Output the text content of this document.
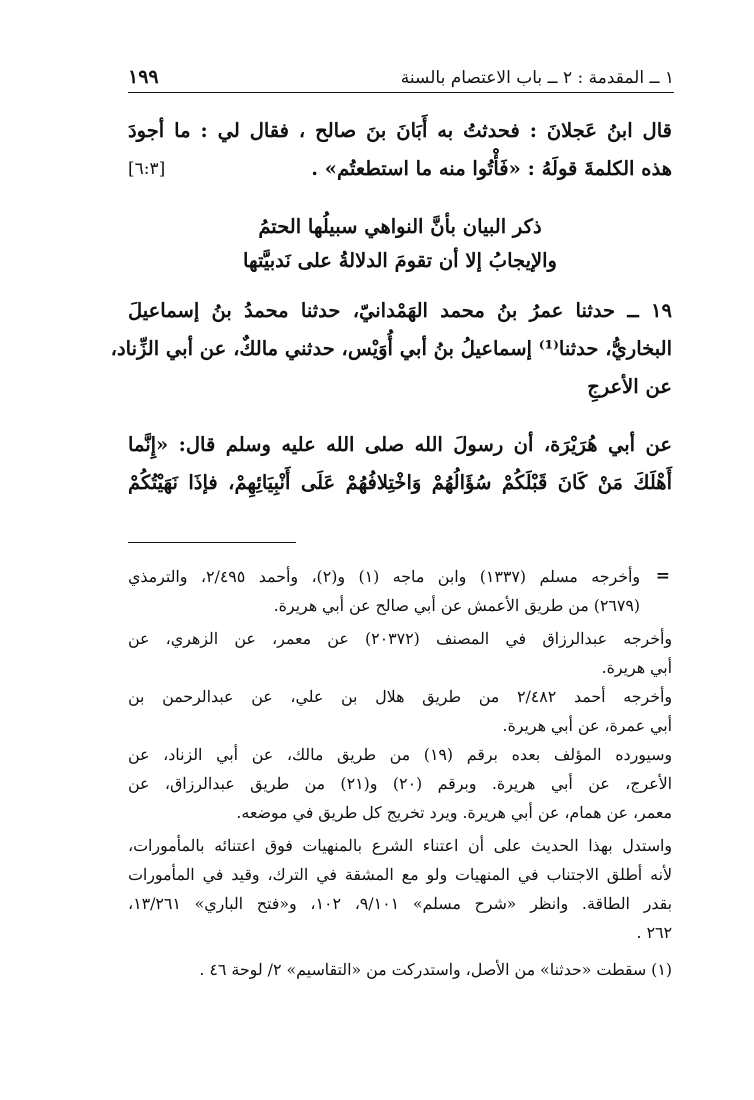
١ ــ المقدمة : ٢ ــ باب الاعتصام بالسنة
١٩٩
قال ابنُ عَجلانَ : فحدثتُ به أَبَانَ بنَ صالح ، فقال لي : ما أجودَ
هذه الكلمةَ قولَهُ : «فَأْتُوا منه ما استطعتُم» .
[٦:٣]
ذكر البيان بأنَّ النواهي سبيلُها الحتمُ
والإيجابُ إلا أن تقومَ الدلالةُ على نَدبيَّتها
١٩ ــ حدثنا عمرُ بنُ محمد الهَمْدانيّ، حدثنا محمدُ بنُ إسماعيلَ
البخاريُّ، حدثنا⁽¹⁾ إسماعيلُ بنُ أبي أُوَيْس، حدثني مالكٌ، عن أبي الزِّناد،
عن الأعرجِ
عن أبي هُرَيْرَة، أن رسولَ الله صلى الله عليه وسلم قال: «إِنَّما
أَهْلَكَ مَنْ كَانَ قَبْلَكُمْ سُؤَالُهُمْ وَاخْتِلافُهُمْ عَلَى أَنْبِيَائِهِمْ، فإذَا نَهَيْتُكُمْ
=
وأخرجه مسلم (١٣٣٧) وابن ماجه (١) و(٢)، وأحمد ٢/٤٩٥، والترمذي
(٢٦٧٩) من طريق الأعمش عن أبي صالح عن أبي هريرة.
وأخرجه عبدالرزاق في المصنف (٢٠٣٧٢) عن معمر، عن الزهري، عن
أبي هريرة.
وأخرجه أحمد ٢/٤٨٢ من طريق هلال بن علي، عن عبدالرحمن بن
أبي عمرة، عن أبي هريرة.
وسيورده المؤلف بعده برقم (١٩) من طريق مالك، عن أبي الزناد، عن
الأعرج، عن أبي هريرة. وبرقم (٢٠) و(٢١) من طريق عبدالرزاق، عن
معمر، عن همام، عن أبي هريرة. ويرد تخريج كل طريق في موضعه.
واستدل بهذا الحديث على أن اعتناء الشرع بالمنهيات فوق اعتنائه بالمأمورات،
لأنه أطلق الاجتناب في المنهيات ولو مع المشقة في الترك، وقيد في المأمورات
بقدر الطاقة. وانظر «شرح مسلم» ٩/١٠١، ١٠٢، و«فتح الباري» ١٣/٢٦١،
٢٦٢ .
(١) سقطت «حدثنا» من الأصل، واستدركت من «التقاسيم» ٢/ لوحة ٤٦ .
